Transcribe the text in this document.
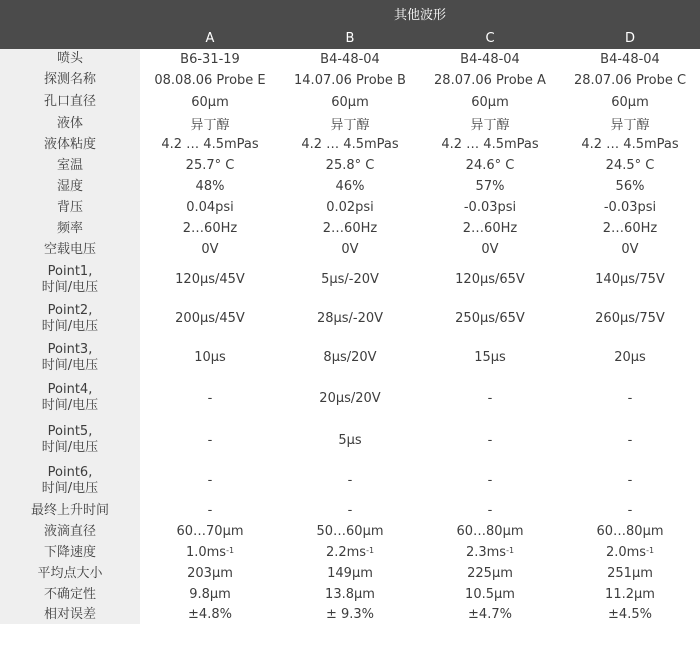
其他波形
A	B	C	D
喷头	B6-31-19	B4-48-04	B4-48-04	B4-48-04
探测名称	08.08.06 Probe E	14.07.06 Probe B	28.07.06 Probe A	28.07.06 Probe C
孔口直径	60μm	60μm	60μm	60μm
液体	异丁醇	异丁醇	异丁醇	异丁醇
液体粘度	4.2 … 4.5mPas	4.2 … 4.5mPas	4.2 … 4.5mPas	4.2 … 4.5mPas
室温	25.7° C	25.8° C	24.6° C	24.5° C
湿度	48%	46%	57%	56%
背压	0.04psi	0.02psi	-0.03psi	-0.03psi
频率	2…60Hz	2…60Hz	2…60Hz	2…60Hz
空载电压	0V	0V	0V	0V
Point1,
时间/电压	120μs/45V	5μs/-20V	120μs/65V	140μs/75V
Point2,
时间/电压	200μs/45V	28μs/-20V	250μs/65V	260μs/75V
Point3,
时间/电压	10μs	8μs/20V	15μs	20μs
Point4,
时间/电压	-	20μs/20V	-	-
Point5,
时间/电压	-	5μs	-	-
Point6,
时间/电压	-	-	-	-
最终上升时间	-	-	-	-
液滴直径	60…70μm	50…60μm	60…80μm	60…80μm
下降速度	$1.0ms^{-1}$	$2.2ms^{-1}$	$2.3ms^{-1}$	$2.0ms^{-1}$
平均点大小	203μm	149μm	225μm	251μm
不确定性	9.8μm	13.8μm	10.5μm	11.2μm
相对误差	±4.8%	± 9.3%	±4.7%	±4.5%
